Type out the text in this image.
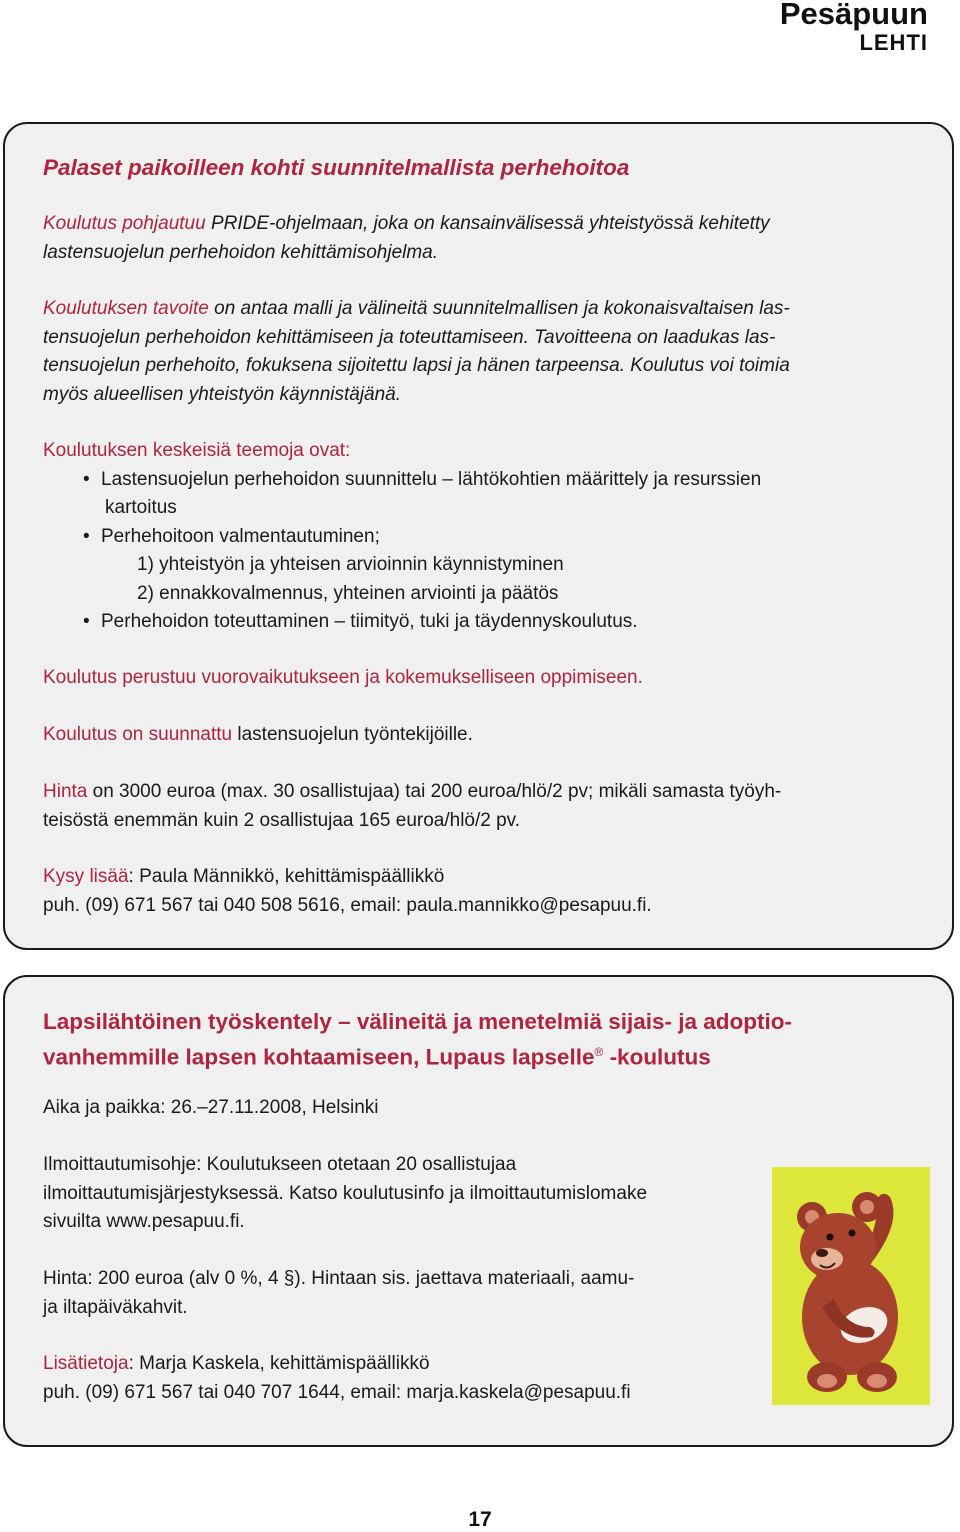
Pesäpuun
LEHTI
Palaset paikoilleen kohti suunnitelmallista perhehoitoa
Koulutus pohjautuu PRIDE-ohjelmaan, joka on kansainvälisessä yhteistyössä kehitetty
lastensuojelun perhehoidon kehittämisohjelma.
Koulutuksen tavoite on antaa malli ja välineitä suunnitelmallisen ja kokonaisvaltaisen las-
tensuojelun perhehoidon kehittämiseen ja toteuttamiseen. Tavoitteena on laadukas las-
tensuojelun perhehoito, fokuksena sijoitettu lapsi ja hänen tarpeensa. Koulutus voi toimia
myös alueellisen yhteistyön käynnistäjänä.
Koulutuksen keskeisiä teemoja ovat:
• Lastensuojelun perhehoidon suunnittelu – lähtökohtien määrittely ja resurssien
kartoitus
• Perhehoitoon valmentautuminen;
1) yhteistyön ja yhteisen arvioinnin käynnistyminen
2) ennakkovalmennus, yhteinen arviointi ja päätös
• Perhehoidon toteuttaminen – tiimityö, tuki ja täydennyskoulutus.
Koulutus perustuu vuorovaikutukseen ja kokemukselliseen oppimiseen.
Koulutus on suunnattu lastensuojelun työntekijöille.
Hinta on 3000 euroa (max. 30 osallistujaa) tai 200 euroa/hlö/2 pv; mikäli samasta työyh-
teisöstä enemmän kuin 2 osallistujaa 165 euroa/hlö/2 pv.
Kysy lisää: Paula Männikkö, kehittämispäällikkö
puh. (09) 671 567 tai 040 508 5616, email: paula.mannikko@pesapuu.fi.
Lapsilähtöinen työskentely – välineitä ja menetelmiä sijais- ja adoptio-
vanhemmille lapsen kohtaamiseen, Lupaus lapselle® -koulutus
Aika ja paikka: 26.–27.11.2008, Helsinki
Ilmoittautumisohje: Koulutukseen otetaan 20 osallistujaa
ilmoittautumisjärjestyksessä. Katso koulutusinfo ja ilmoittautumislomake
sivuilta www.pesapuu.fi.
Hinta: 200 euroa (alv 0 %, 4 §). Hintaan sis. jaettava materiaali, aamu-
ja iltapäiväkahvit.
Lisätietoja: Marja Kaskela, kehittämispäällikkö
puh. (09) 671 567 tai 040 707 1644, email: marja.kaskela@pesapuu.fi
17
